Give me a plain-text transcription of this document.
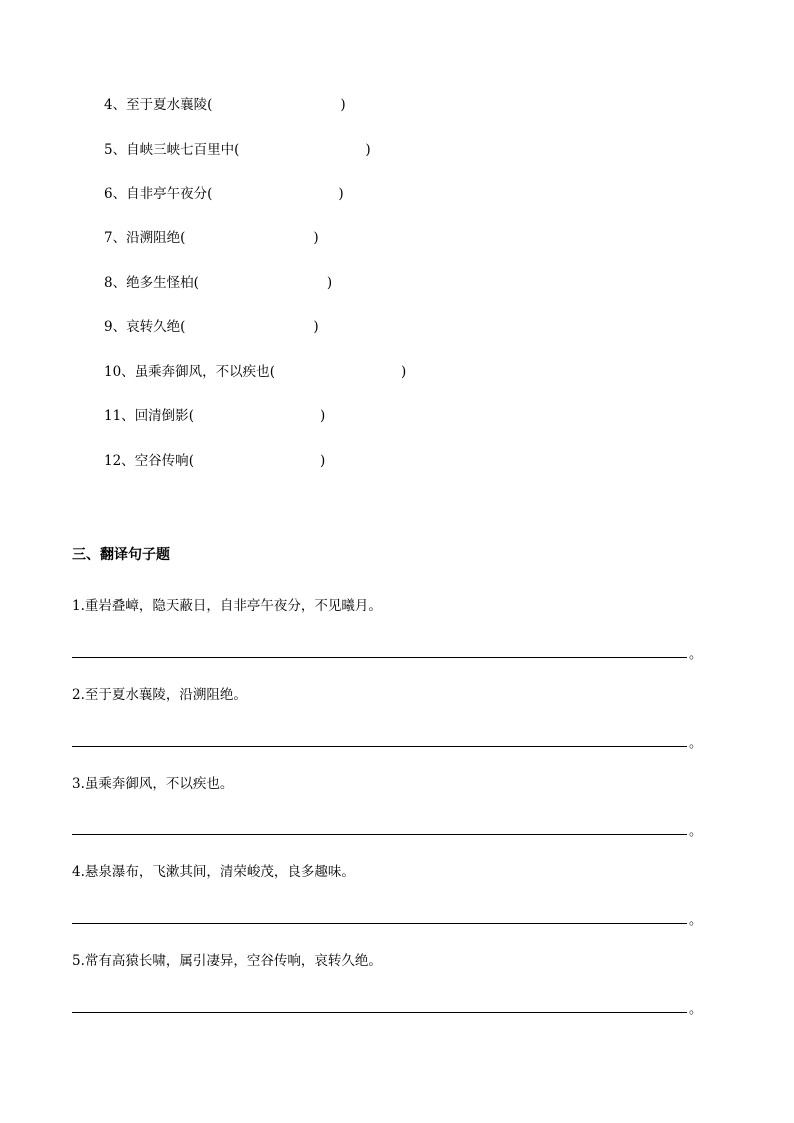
4、至于夏水襄陵(	)
5、自峡三峡七百里中(	)
6、自非亭午夜分(	)
7、沿溯阻绝(	)
8、绝多生怪柏(	)
9、哀转久绝(	)
10、虽乘奔御风，不以疾也(	)
11、回清倒影(	)
12、空谷传响(	)
三、翻译句子题
1.重岩叠嶂，隐天蔽日，自非亭午夜分，不见曦月。
。
2.至于夏水襄陵，沿溯阻绝。
。
3.虽乘奔御风，不以疾也。
。
4.悬泉瀑布，飞漱其间，清荣峻茂，良多趣味。
。
5.常有高猿长啸，属引凄异，空谷传响，哀转久绝。
。
